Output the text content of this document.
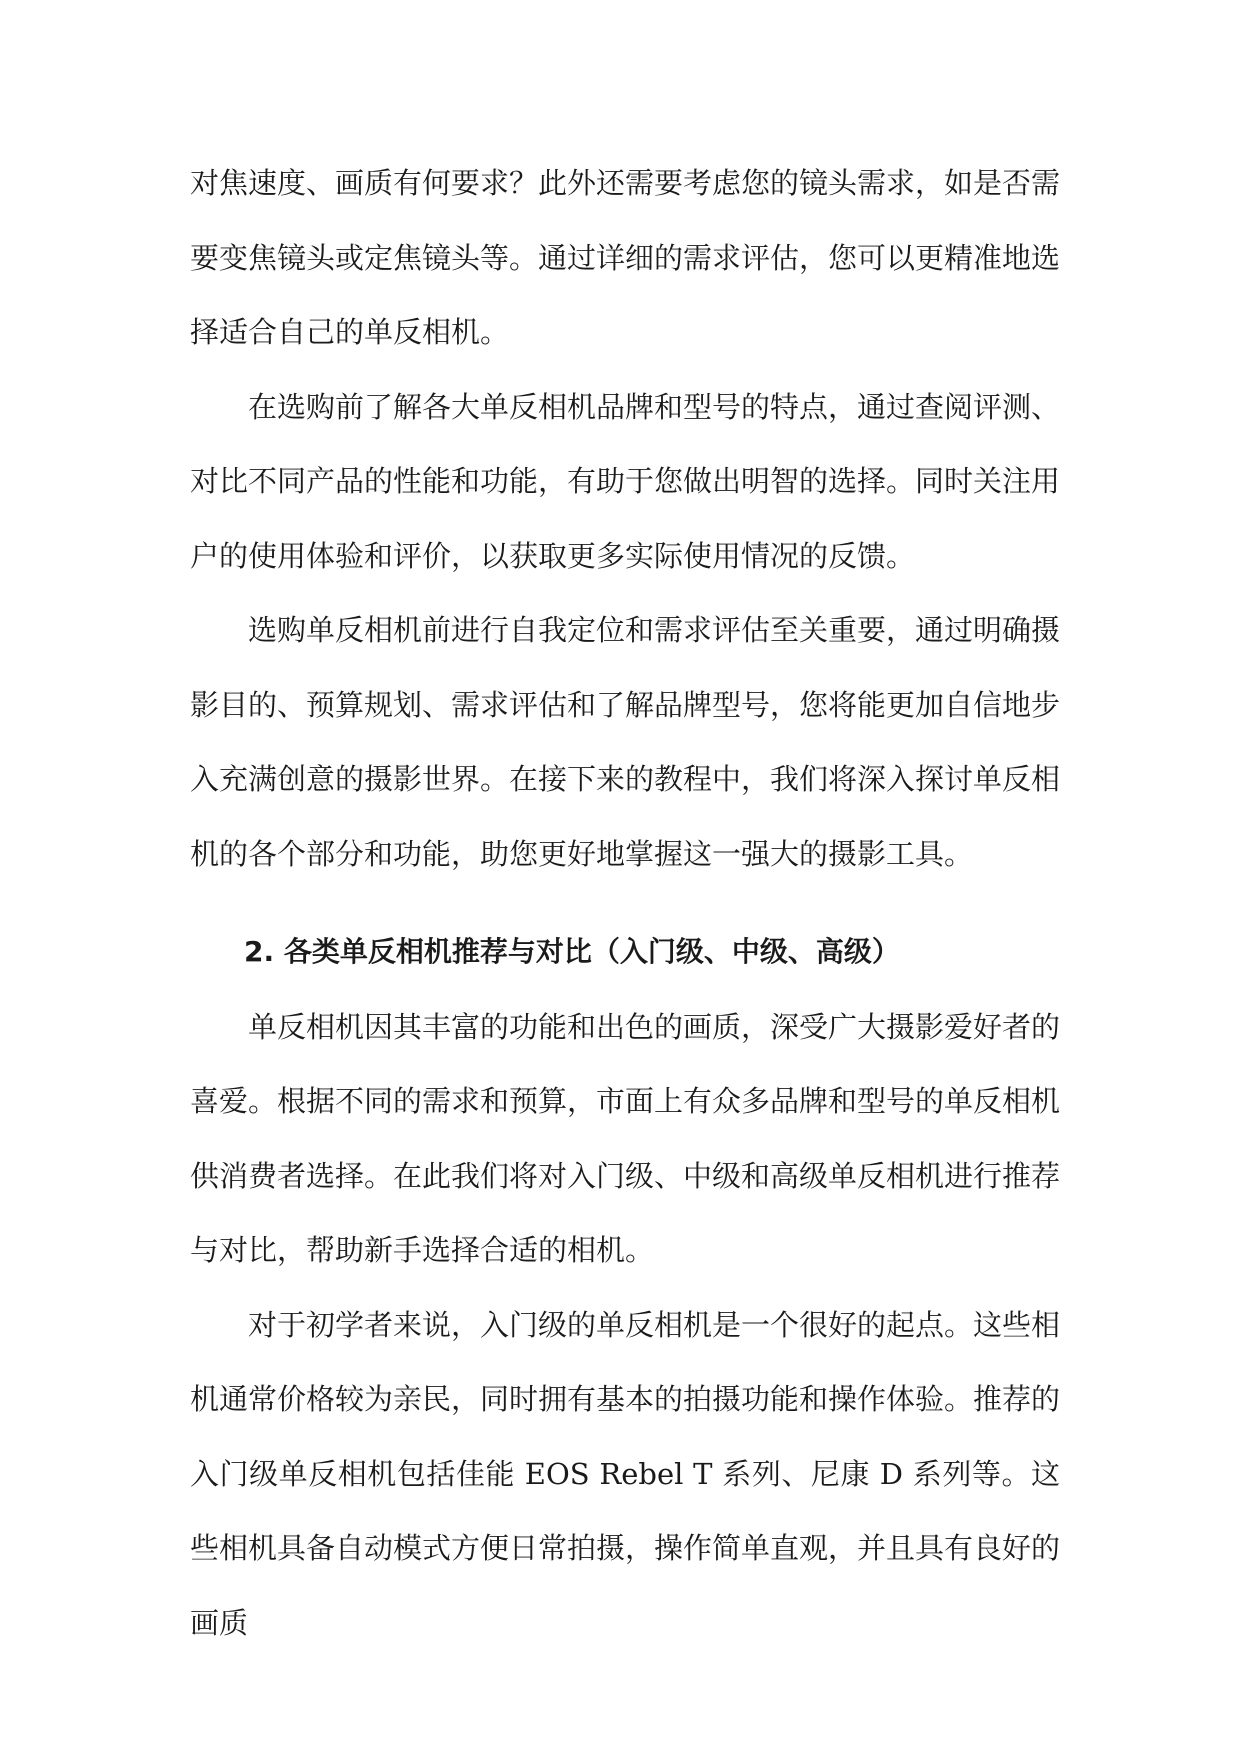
对焦速度、画质有何要求？此外还需要考虑您的镜头需求，如是否需要变焦镜头或定焦镜头等。通过详细的需求评估，您可以更精准地选择适合自己的单反相机。

在选购前了解各大单反相机品牌和型号的特点，通过查阅评测、对比不同产品的性能和功能，有助于您做出明智的选择。同时关注用户的使用体验和评价，以获取更多实际使用情况的反馈。

选购单反相机前进行自我定位和需求评估至关重要，通过明确摄影目的、预算规划、需求评估和了解品牌型号，您将能更加自信地步入充满创意的摄影世界。在接下来的教程中，我们将深入探讨单反相机的各个部分和功能，助您更好地掌握这一强大的摄影工具。

2. 各类单反相机推荐与对比（入门级、中级、高级）

单反相机因其丰富的功能和出色的画质，深受广大摄影爱好者的喜爱。根据不同的需求和预算，市面上有众多品牌和型号的单反相机供消费者选择。在此我们将对入门级、中级和高级单反相机进行推荐与对比，帮助新手选择合适的相机。

对于初学者来说，入门级的单反相机是一个很好的起点。这些相机通常价格较为亲民，同时拥有基本的拍摄功能和操作体验。推荐的入门级单反相机包括佳能 EOS Rebel T 系列、尼康 D 系列等。这些相机具备自动模式方便日常拍摄，操作简单直观，并且具有良好的画质
